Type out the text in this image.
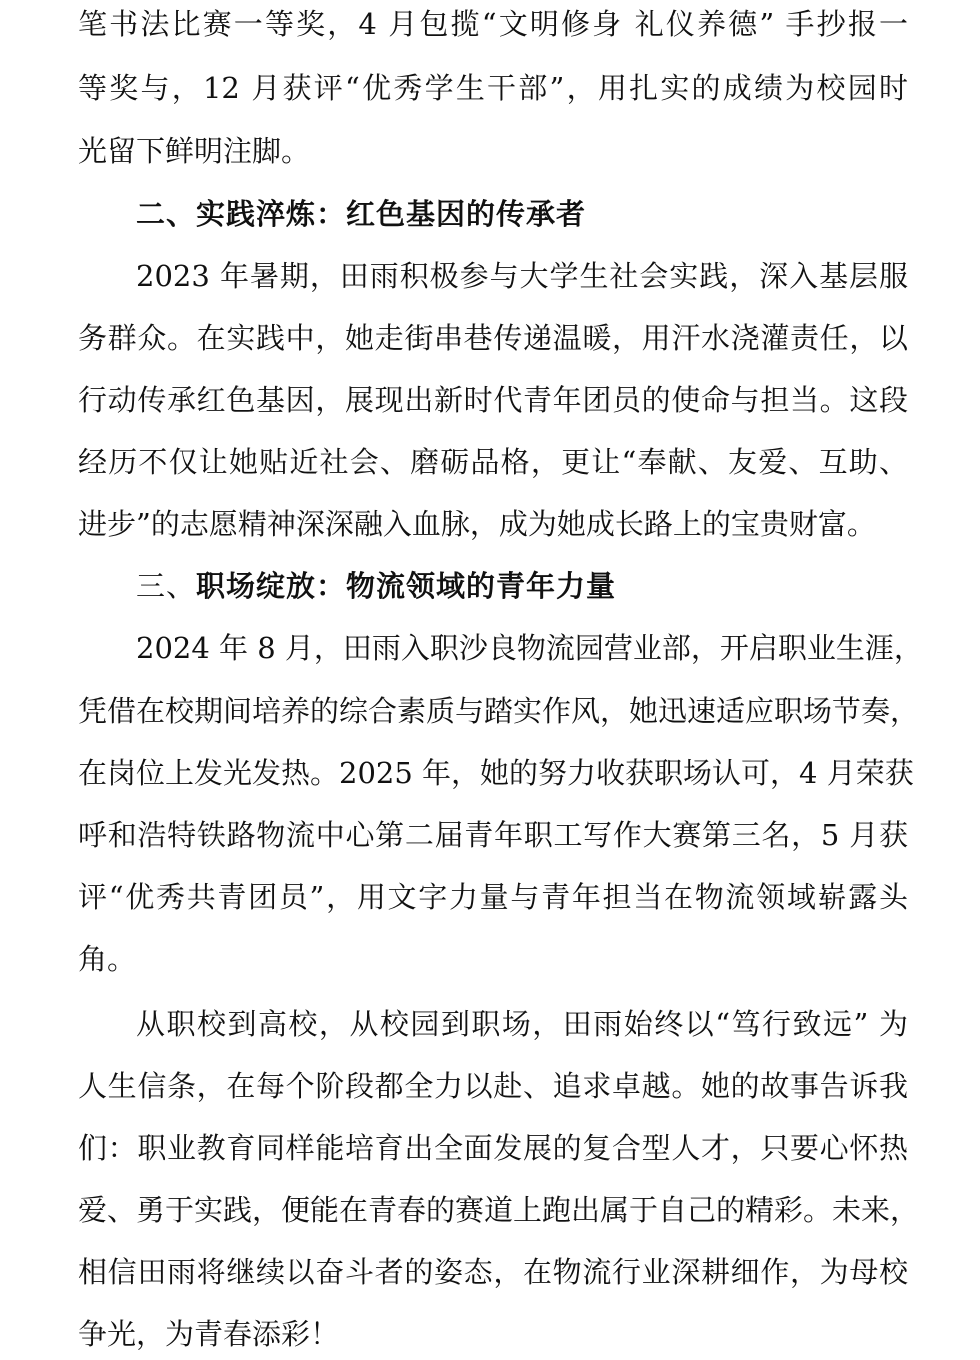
笔书法比赛一等奖，4 月包揽“文明修身 礼仪养德” 手抄报一
等奖与，12 月获评“优秀学生干部”，用扎实的成绩为校园时
光留下鲜明注脚。
二、实践淬炼：红色基因的传承者
2023 年暑期，田雨积极参与大学生社会实践，深入基层服
务群众。在实践中，她走街串巷传递温暖，用汗水浇灌责任，以
行动传承红色基因，展现出新时代青年团员的使命与担当。这段
经历不仅让她贴近社会、磨砺品格，更让“奉献、友爱、互助、
进步”的志愿精神深深融入血脉，成为她成长路上的宝贵财富。
三、职场绽放：物流领域的青年力量
2024 年 8 月，田雨入职沙良物流园营业部，开启职业生涯，
凭借在校期间培养的综合素质与踏实作风，她迅速适应职场节奏，
在岗位上发光发热。2025 年，她的努力收获职场认可，4 月荣获
呼和浩特铁路物流中心第二届青年职工写作大赛第三名，5 月获
评“优秀共青团员”，用文字力量与青年担当在物流领域崭露头
角。
从职校到高校，从校园到职场，田雨始终以“笃行致远” 为
人生信条，在每个阶段都全力以赴、追求卓越。她的故事告诉我
们：职业教育同样能培育出全面发展的复合型人才，只要心怀热
爱、勇于实践，便能在青春的赛道上跑出属于自己的精彩。未来，
相信田雨将继续以奋斗者的姿态，在物流行业深耕细作，为母校
争光，为青春添彩！
